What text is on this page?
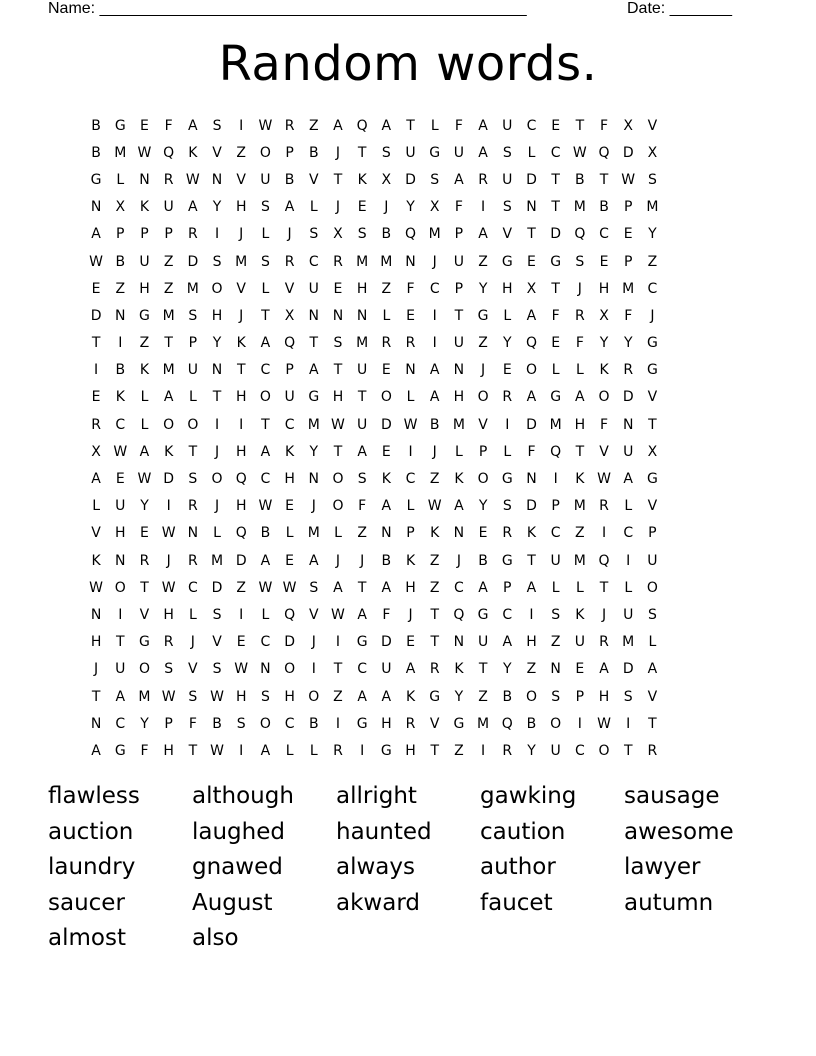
Name: ________________________________________________	Date: _______
Random words.
B G	E	F	A	S	I	W R	Z	A Q A	T	L	F	A	U	C	E	T	F	X	V
B M W Q	K	V	Z O	P	B	J	T	S	U G U	A	S	L	C W Q D	X
G	L	N	R W N	V	U	B	V	T	K	X	D	S	A	R	U D	T	B	T W S
N	X	K	U	A	Y	H	S	A	L	J	E	J	Y	X	F	I	S	N	T M B	P M
A	P	P	P	R	I	J	L	J	S	X	S	B Q M P	A	V	T	D Q C	E	Y
W B	U	Z	D	S M S	R	C	R M M N	J	U	Z G	E	G	S	E	P	Z
E	Z	H	Z M O V	L	V	U	E	H	Z	F	C	P	Y	H	X	T	J	H M C
D N G M S	H	J	T	X	N N N	L	E	I	T	G	L	A	F	R	X	F	J
T	I	Z	T	P	Y	K	A Q	T	S M R	R	I	U	Z	Y	Q	E	F	Y	Y	G
I	B	K M U N	T	C	P	A	T	U	E	N	A	N	J	E	O	L	L	K	R G
E	K	L	A	L	T	H O U G H	T	O	L	A	H O R	A G A O D	V
R	C	L	O O	I	I	T	C M W U D W B M V	I	D M H	F	N	T
X W A	K	T	J	H	A	K	Y	T	A	E	I	J	L	P	L	F	Q	T	V	U	X
A	E W D	S	O Q C	H N O	S	K	C	Z	K	O G N	I	K W A G
L	U	Y	I	R	J	H W E	J	O	F	A	L W A	Y	S	D	P M R	L	V
V	H	E W N	L	Q B	L	M	L	Z	N	P	K	N	E	R	K	C	Z	I	C	P
K	N	R	J	R M D	A	E	A	J	J	B	K	Z	J	B G	T	U M Q	I	U
W O	T W C D	Z W W S	A	T	A	H	Z	C	A	P	A	L	L	T	L	O
N	I	V	H	L	S	I	L	Q V W A	F	J	T	Q G C	I	S	K	J	U	S
H	T	G R	J	V	E	C D	J	I	G D	E	T	N U	A	H	Z	U	R M	L
J	U O	S	V	S W N O	I	T	C	U	A	R	K	T	Y	Z	N	E	A	D	A
T	A M W S W H	S	H O Z	A	A	K	G	Y	Z	B O	S	P	H	S	V
N	C	Y	P	F	B	S	O C	B	I	G H	R	V G M Q B O	I	W	I	T
A G	F	H	T W	I	A	L	L	R	I	G H	T	Z	I	R	Y	U	C O	T	R
flawless	although	allright	gawking	sausage
auction	laughed	haunted	caution	awesome
laundry	gnawed	always	author	lawyer
saucer	August	akward	faucet	autumn
almost	also
